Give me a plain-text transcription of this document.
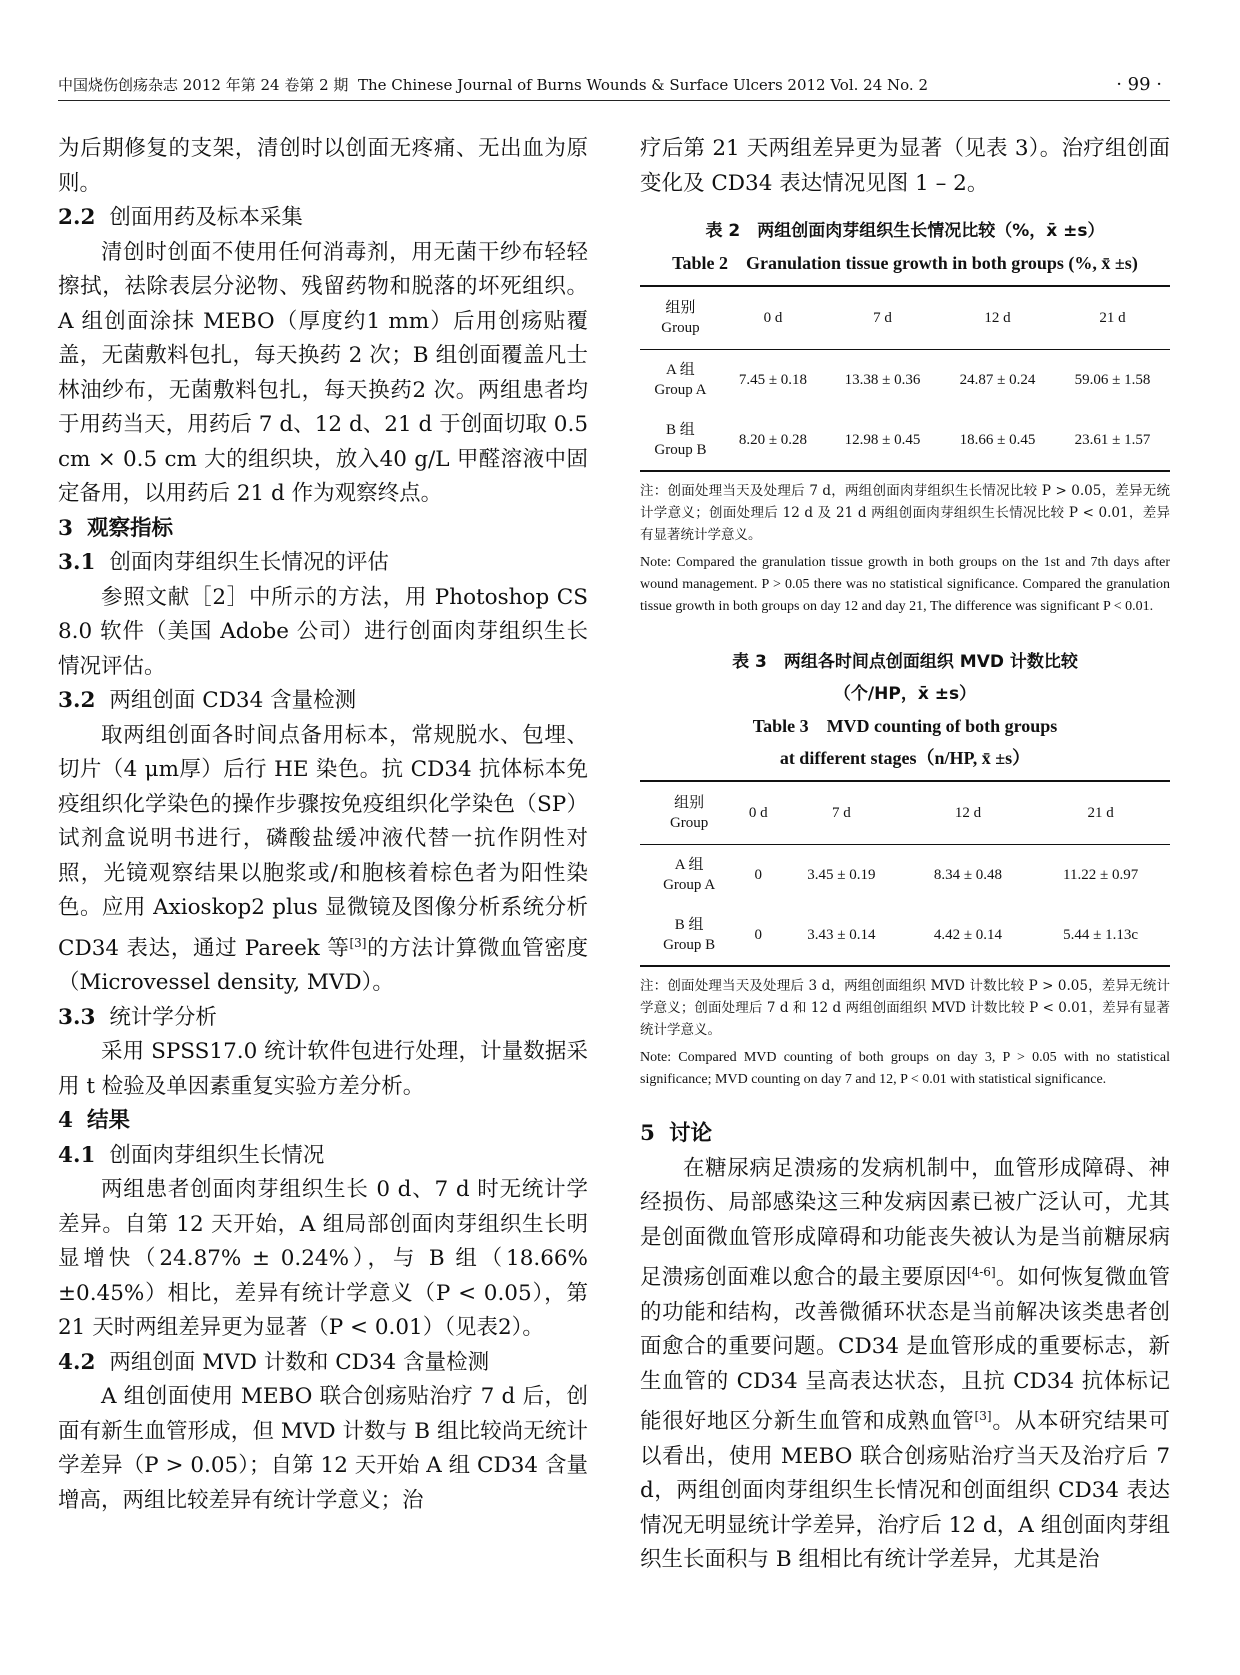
中国烧伤创疡杂志 2012 年第 24 卷第 2 期 The Chinese Journal of Burns Wounds & Surface Ulcers 2012 Vol. 24 No. 2	· 99 ·

为后期修复的支架，清创时以创面无疼痛、无出血为原则。

2.2 创面用药及标本采集

清创时创面不使用任何消毒剂，用无菌干纱布轻轻擦拭，祛除表层分泌物、残留药物和脱落的坏死组织。A 组创面涂抹 MEBO（厚度约1 mm）后用创疡贴覆盖，无菌敷料包扎，每天换药 2 次；B 组创面覆盖凡士林油纱布，无菌敷料包扎，每天换药2 次。两组患者均于用药当天，用药后 7 d、12 d、21 d 于创面切取 0.5 cm × 0.5 cm 大的组织块，放入40 g/L 甲醛溶液中固定备用，以用药后 21 d 作为观察终点。

3 观察指标

3.1 创面肉芽组织生长情况的评估

参照文献［2］中所示的方法，用 Photoshop CS 8.0 软件（美国 Adobe 公司）进行创面肉芽组织生长情况评估。

3.2 两组创面 CD34 含量检测

取两组创面各时间点备用标本，常规脱水、包埋、切片（4 μm厚）后行 HE 染色。抗 CD34 抗体标本免疫组织化学染色的操作步骤按免疫组织化学染色（SP）试剂盒说明书进行，磷酸盐缓冲液代替一抗作阴性对照，光镜观察结果以胞浆或/和胞核着棕色者为阳性染色。应用 Axioskop2 plus 显微镜及图像分析系统分析 CD34 表达，通过 Pareek 等[3]的方法计算微血管密度（Microvessel density, MVD）。

3.3 统计学分析

采用 SPSS17.0 统计软件包进行处理，计量数据采用 t 检验及单因素重复实验方差分析。

4 结果

4.1 创面肉芽组织生长情况

两组患者创面肉芽组织生长 0 d、7 d 时无统计学差异。自第 12 天开始，A 组局部创面肉芽组织生长明显增快（24.87% ± 0.24%），与 B 组（18.66% ±0.45%）相比，差异有统计学意义（P < 0.05），第 21 天时两组差异更为显著（P < 0.01）（见表2）。

4.2 两组创面 MVD 计数和 CD34 含量检测

A 组创面使用 MEBO 联合创疡贴治疗 7 d 后，创面有新生血管形成，但 MVD 计数与 B 组比较尚无统计学差异（P > 0.05）；自第 12 天开始 A 组 CD34 含量增高，两组比较差异有统计学意义；治

疗后第 21 天两组差异更为显著（见表 3）。治疗组创面变化及 CD34 表达情况见图 1 – 2。

表 2　两组创面肉芽组织生长情况比较（%，x̄ ±s）

Table 2　Granulation tissue growth in both groups (%, x̄ ±s)

组别
Group	0 d	7 d	12 d	21 d

A 组
Group A	7.45 ± 0.18	13.38 ± 0.36	24.87 ± 0.24	59.06 ± 1.58

B 组
Group B	8.20 ± 0.28	12.98 ± 0.45	18.66 ± 0.45	23.61 ± 1.57

注：创面处理当天及处理后 7 d，两组创面肉芽组织生长情况比较 P > 0.05，差异无统计学意义；创面处理后 12 d 及 21 d 两组创面肉芽组织生长情况比较 P < 0.01，差异有显著统计学意义。

Note: Compared the granulation tissue growth in both groups on the 1st and 7th days after wound management. P > 0.05 there was no statistical significance. Compared the granulation tissue growth in both groups on day 12 and day 21, The difference was significant P < 0.01.

表 3　两组各时间点创面组织 MVD 计数比较

（个/HP，x̄ ±s）

Table 3　MVD counting of both groups

at different stages（n/HP, x̄ ±s）

组别
Group	0 d	7 d	12 d	21 d

A 组
Group A	0	3.45 ± 0.19	8.34 ± 0.48	11.22 ± 0.97

B 组
Group B	0	3.43 ± 0.14	4.42 ± 0.14	5.44 ± 1.13c

注：创面处理当天及处理后 3 d，两组创面组织 MVD 计数比较 P > 0.05，差异无统计学意义；创面处理后 7 d 和 12 d 两组创面组织 MVD 计数比较 P < 0.01，差异有显著统计学意义。

Note: Compared MVD counting of both groups on day 3, P > 0.05 with no statistical significance; MVD counting on day 7 and 12, P < 0.01 with statistical significance.

5 讨论

在糖尿病足溃疡的发病机制中，血管形成障碍、神经损伤、局部感染这三种发病因素已被广泛认可，尤其是创面微血管形成障碍和功能丧失被认为是当前糖尿病足溃疡创面难以愈合的最主要原因[4-6]。如何恢复微血管的功能和结构，改善微循环状态是当前解决该类患者创面愈合的重要问题。CD34 是血管形成的重要标志，新生血管的 CD34 呈高表达状态，且抗 CD34 抗体标记能很好地区分新生血管和成熟血管[3]。从本研究结果可以看出，使用 MEBO 联合创疡贴治疗当天及治疗后 7 d，两组创面肉芽组织生长情况和创面组织 CD34 表达情况无明显统计学差异，治疗后 12 d，A 组创面肉芽组织生长面积与 B 组相比有统计学差异，尤其是治
